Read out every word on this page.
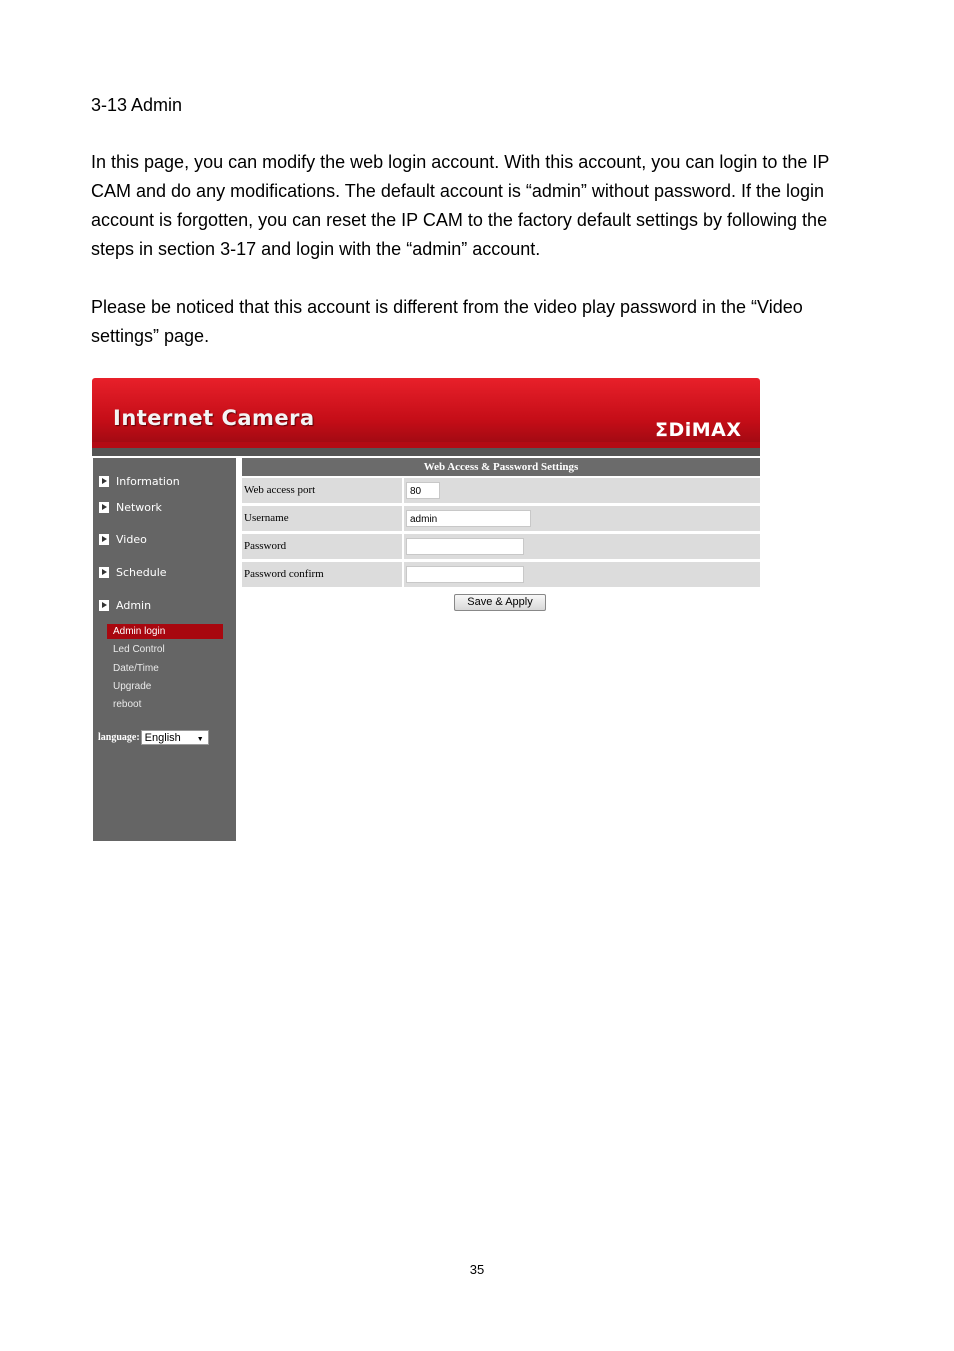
3-13 Admin
In this page, you can modify the web login account. With this account, you can login to the IP CAM and do any modifications. The default account is “admin” without password. If the login account is forgotten, you can reset the IP CAM to the factory default settings by following the steps in section 3-17 and login with the “admin” account.
Please be noticed that this account is different from the video play password in the “Video settings” page.
Internet Camera	ΣDiMAX
Information
Network
Video
Schedule
Admin
Admin login
Led Control
Date/Time
Upgrade
reboot
language: English ▼
Web Access & Password Settings
Web access port	80
Username	admin
Password
Password confirm
Save & Apply
35
